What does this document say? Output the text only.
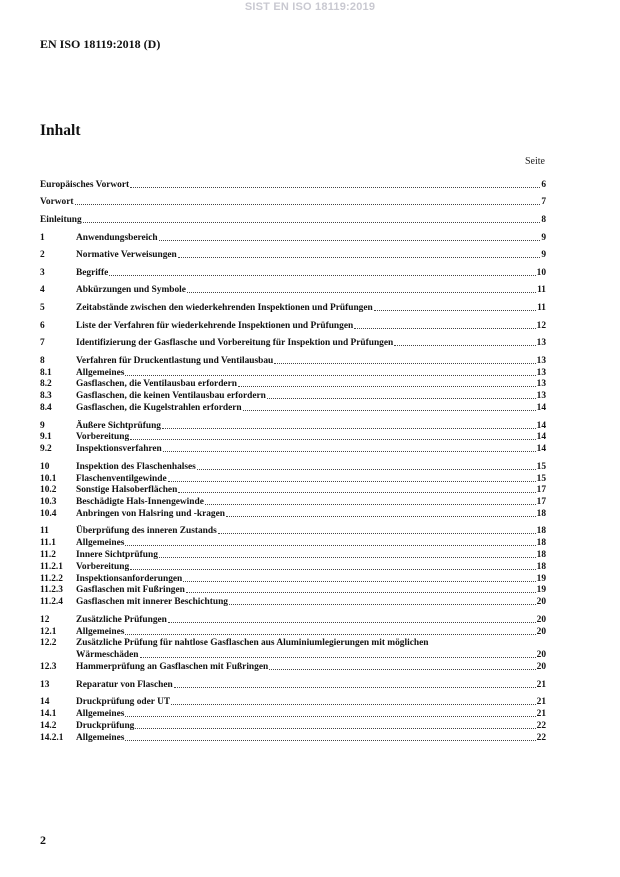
SIST EN ISO 18119:2019
EN ISO 18119:2018 (D)
Inhalt
Seite
Europäisches Vorwort	6
Vorwort	7
Einleitung	8
1	Anwendungsbereich	9
2	Normative Verweisungen	9
3	Begriffe	10
4	Abkürzungen und Symbole	11
5	Zeitabstände zwischen den wiederkehrenden Inspektionen und Prüfungen	11
6	Liste der Verfahren für wiederkehrende Inspektionen und Prüfungen	12
7	Identifizierung der Gasflasche und Vorbereitung für Inspektion und Prüfungen	13
8	Verfahren für Druckentlastung und Ventilausbau	13
8.1	Allgemeines	13
8.2	Gasflaschen, die Ventilausbau erfordern	13
8.3	Gasflaschen, die keinen Ventilausbau erfordern	13
8.4	Gasflaschen, die Kugelstrahlen erfordern	14
9	Äußere Sichtprüfung	14
9.1	Vorbereitung	14
9.2	Inspektionsverfahren	14
10	Inspektion des Flaschenhalses	15
10.1	Flaschenventilgewinde	15
10.2	Sonstige Halsoberflächen	17
10.3	Beschädigte Hals-Innengewinde	17
10.4	Anbringen von Halsring und -kragen	18
11	Überprüfung des inneren Zustands	18
11.1	Allgemeines	18
11.2	Innere Sichtprüfung	18
11.2.1	Vorbereitung	18
11.2.2	Inspektionsanforderungen	19
11.2.3	Gasflaschen mit Fußringen	19
11.2.4	Gasflaschen mit innerer Beschichtung	20
12	Zusätzliche Prüfungen	20
12.1	Allgemeines	20
12.2	Zusätzliche Prüfung für nahtlose Gasflaschen aus Aluminiumlegierungen mit möglichen
Wärmeschäden	20
12.3	Hammerprüfung an Gasflaschen mit Fußringen	20
13	Reparatur von Flaschen	21
14	Druckprüfung oder UT	21
14.1	Allgemeines	21
14.2	Druckprüfung	22
14.2.1	Allgemeines	22
2
